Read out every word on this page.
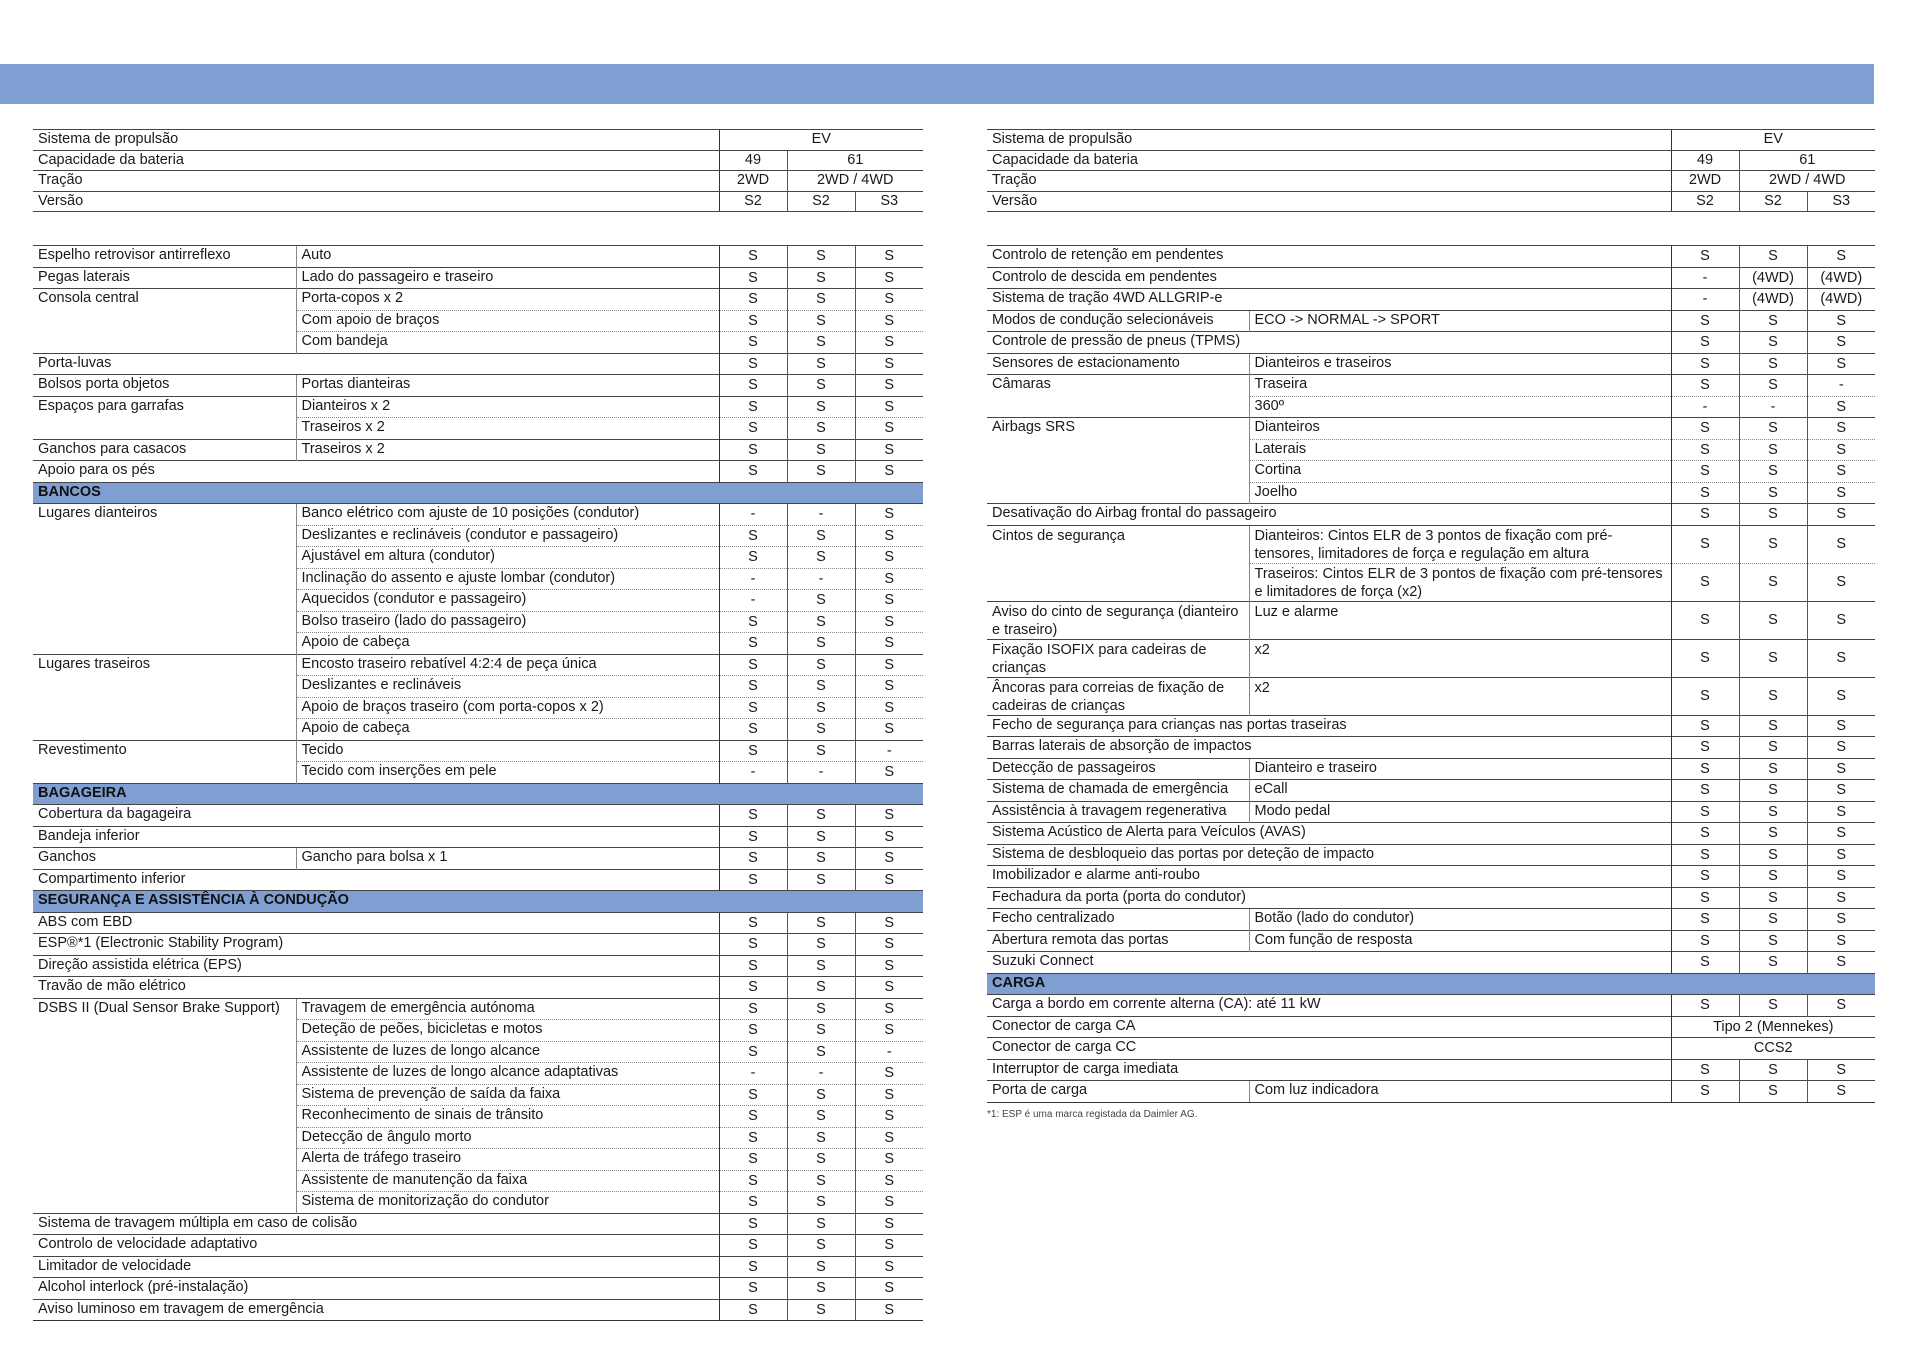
Sistema de propulsão	EV		
Capacidade da bateria	49	61	
Tração	2WD	2WD / 4WD	
Versão	S2	S2	S3
Espelho retrovisor antirreflexo	Auto	S	S	S
Pegas laterais	Lado do passageiro e traseiro	S	S	S
Consola central	Porta-copos x 2	S	S	S
	Com apoio de braços	S	S	S
	Com bandeja	S	S	S
Porta-luvas		S	S	S
Bolsos porta objetos	Portas dianteiras	S	S	S
Espaços para garrafas	Dianteiros x 2	S	S	S
	Traseiros x 2	S	S	S
Ganchos para casacos	Traseiros x 2	S	S	S
Apoio para os pés		S	S	S
BANCOS				
Lugares dianteiros	Banco elétrico com ajuste de 10 posições (condutor)	-	-	S
	Deslizantes e reclináveis (condutor e passageiro)	S	S	S
	Ajustável em altura (condutor)	S	S	S
	Inclinação do assento e ajuste lombar (condutor)	-	-	S
	Aquecidos (condutor e passageiro)	-	S	S
	Bolso traseiro (lado do passageiro)	S	S	S
	Apoio de cabeça	S	S	S
Lugares traseiros	Encosto traseiro rebatível 4:2:4 de peça única	S	S	S
	Deslizantes e reclináveis	S	S	S
	Apoio de braços traseiro (com porta-copos x 2)	S	S	S
	Apoio de cabeça	S	S	S
Revestimento	Tecido	S	S	-
	Tecido com inserções em pele	-	-	S
BAGAGEIRA				
Cobertura da bagageira		S	S	S
Bandeja inferior		S	S	S
Ganchos	Gancho para bolsa x 1	S	S	S
Compartimento inferior		S	S	S
SEGURANÇA E ASSISTÊNCIA À CONDUÇÃO				
ABS com EBD		S	S	S
ESP®*1 (Electronic Stability Program)		S	S	S
Direção assistida elétrica (EPS)		S	S	S
Travão de mão elétrico		S	S	S
DSBS II (Dual Sensor Brake Support)	Travagem de emergência autónoma	S	S	S
	Deteção de peões, bicicletas e motos	S	S	S
	Assistente de luzes de longo alcance	S	S	-
	Assistente de luzes de longo alcance adaptativas	-	-	S
	Sistema de prevenção de saída da faixa	S	S	S
	Reconhecimento de sinais de trânsito	S	S	S
	Detecção de ângulo morto	S	S	S
	Alerta de tráfego traseiro	S	S	S
	Assistente de manutenção da faixa	S	S	S
	Sistema de monitorização do condutor	S	S	S
Sistema de travagem múltipla em caso de colisão		S	S	S
Controlo de velocidade adaptativo		S	S	S
Limitador de velocidade		S	S	S
Alcohol interlock (pré-instalação)		S	S	S
Aviso luminoso em travagem de emergência		S	S	S
Sistema de propulsão	EV		
Capacidade da bateria	49	61	
Tração	2WD	2WD / 4WD	
Versão	S2	S2	S3
Controlo de retenção em pendentes		S	S	S
Controlo de descida em pendentes		-	(4WD)	(4WD)
Sistema de tração 4WD ALLGRIP-e		-	(4WD)	(4WD)
Modos de condução selecionáveis	ECO -> NORMAL -> SPORT	S	S	S
Controle de pressão de pneus (TPMS)		S	S	S
Sensores de estacionamento	Dianteiros e traseiros	S	S	S
Câmaras	Traseira	S	S	-
	360º	-	-	S
Airbags SRS	Dianteiros	S	S	S
	Laterais	S	S	S
	Cortina	S	S	S
	Joelho	S	S	S
Desativação do Airbag frontal do passageiro		S	S	S
Cintos de segurança	Dianteiros: Cintos ELR de 3 pontos de fixação com pré-tensores, limitadores de força e regulação em altura	S	S	S
	Traseiros: Cintos ELR de 3 pontos de fixação com pré-tensores e limitadores de força (x2)	S	S	S
Aviso do cinto de segurança (dianteiro e traseiro)	Luz e alarme	S	S	S
Fixação ISOFIX para cadeiras de crianças	x2	S	S	S
Âncoras para correias de fixação de cadeiras de crianças	x2	S	S	S
Fecho de segurança para crianças nas portas traseiras		S	S	S
Barras laterais de absorção de impactos		S	S	S
Detecção de passageiros	Dianteiro e traseiro	S	S	S
Sistema de chamada de emergência	eCall	S	S	S
Assistência à travagem regenerativa	Modo pedal	S	S	S
Sistema Acústico de Alerta para Veículos (AVAS)		S	S	S
Sistema de desbloqueio das portas por deteção de impacto		S	S	S
Imobilizador e alarme anti-roubo		S	S	S
Fechadura da porta (porta do condutor)		S	S	S
Fecho centralizado	Botão (lado do condutor)	S	S	S
Abertura remota das portas	Com função de resposta	S	S	S
Suzuki Connect		S	S	S
CARGA				
Carga a bordo em corrente alterna (CA): até 11 kW		S	S	S
Conector de carga CA		Tipo 2 (Mennekes)		
Conector de carga CC		CCS2		
Interruptor de carga imediata		S	S	S
Porta de carga	Com luz indicadora	S	S	S
*1: ESP é uma marca registada da Daimler AG.
